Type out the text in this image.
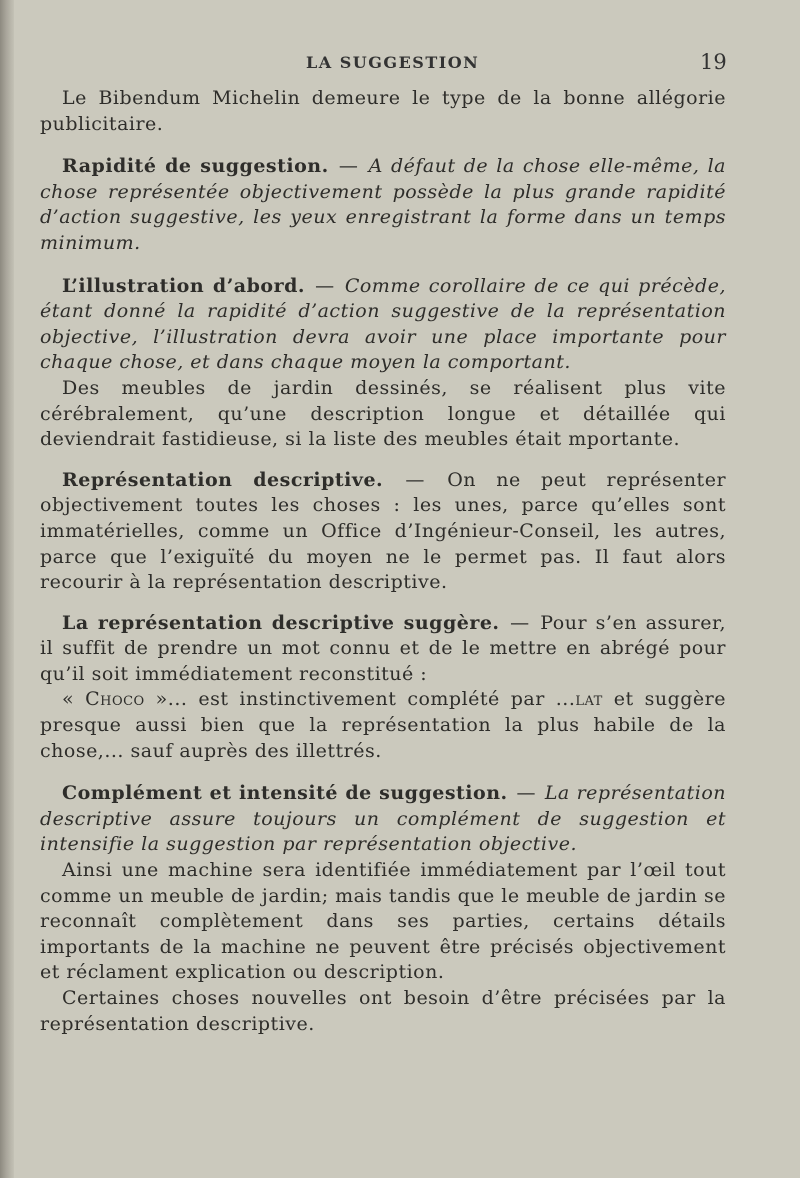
LA SUGGESTION	19

Le Bibendum Michelin demeure le type de la bonne allégorie publicitaire.

Rapidité de suggestion. — A défaut de la chose elle-même, la chose représentée objectivement possède la plus grande rapidité d’action suggestive, les yeux enregistrant la forme dans un temps minimum.

L’illustration d’abord. — Comme corollaire de ce qui précède, étant donné la rapidité d’action suggestive de la représentation objective, l’illustration devra avoir une place importante pour chaque chose, et dans chaque moyen la comportant.

Des meubles de jardin dessinés, se réalisent plus vite cérébralement, qu’une description longue et détaillée qui deviendrait fastidieuse, si la liste des meubles était mportante.

Représentation descriptive. — On ne peut représenter objectivement toutes les choses : les unes, parce qu’elles sont immatérielles, comme un Office d’Ingénieur-Conseil, les autres, parce que l’exiguïté du moyen ne le permet pas. Il faut alors recourir à la représentation descriptive.

La représentation descriptive suggère. — Pour s’en assurer, il suffit de prendre un mot connu et de le mettre en abrégé pour qu’il soit immédiatement reconstitué :

« Choco »... est instinctivement complété par ...lat et suggère presque aussi bien que la représentation la plus habile de la chose,... sauf auprès des illettrés.

Complément et intensité de suggestion. — La représentation descriptive assure toujours un complément de suggestion et intensifie la suggestion par représentation objective.

Ainsi une machine sera identifiée immédiatement par l’œil tout comme un meuble de jardin; mais tandis que le meuble de jardin se reconnaît complètement dans ses parties, certains détails importants de la machine ne peuvent être précisés objectivement et réclament explication ou description.

Certaines choses nouvelles ont besoin d’être précisées par la représentation descriptive.
